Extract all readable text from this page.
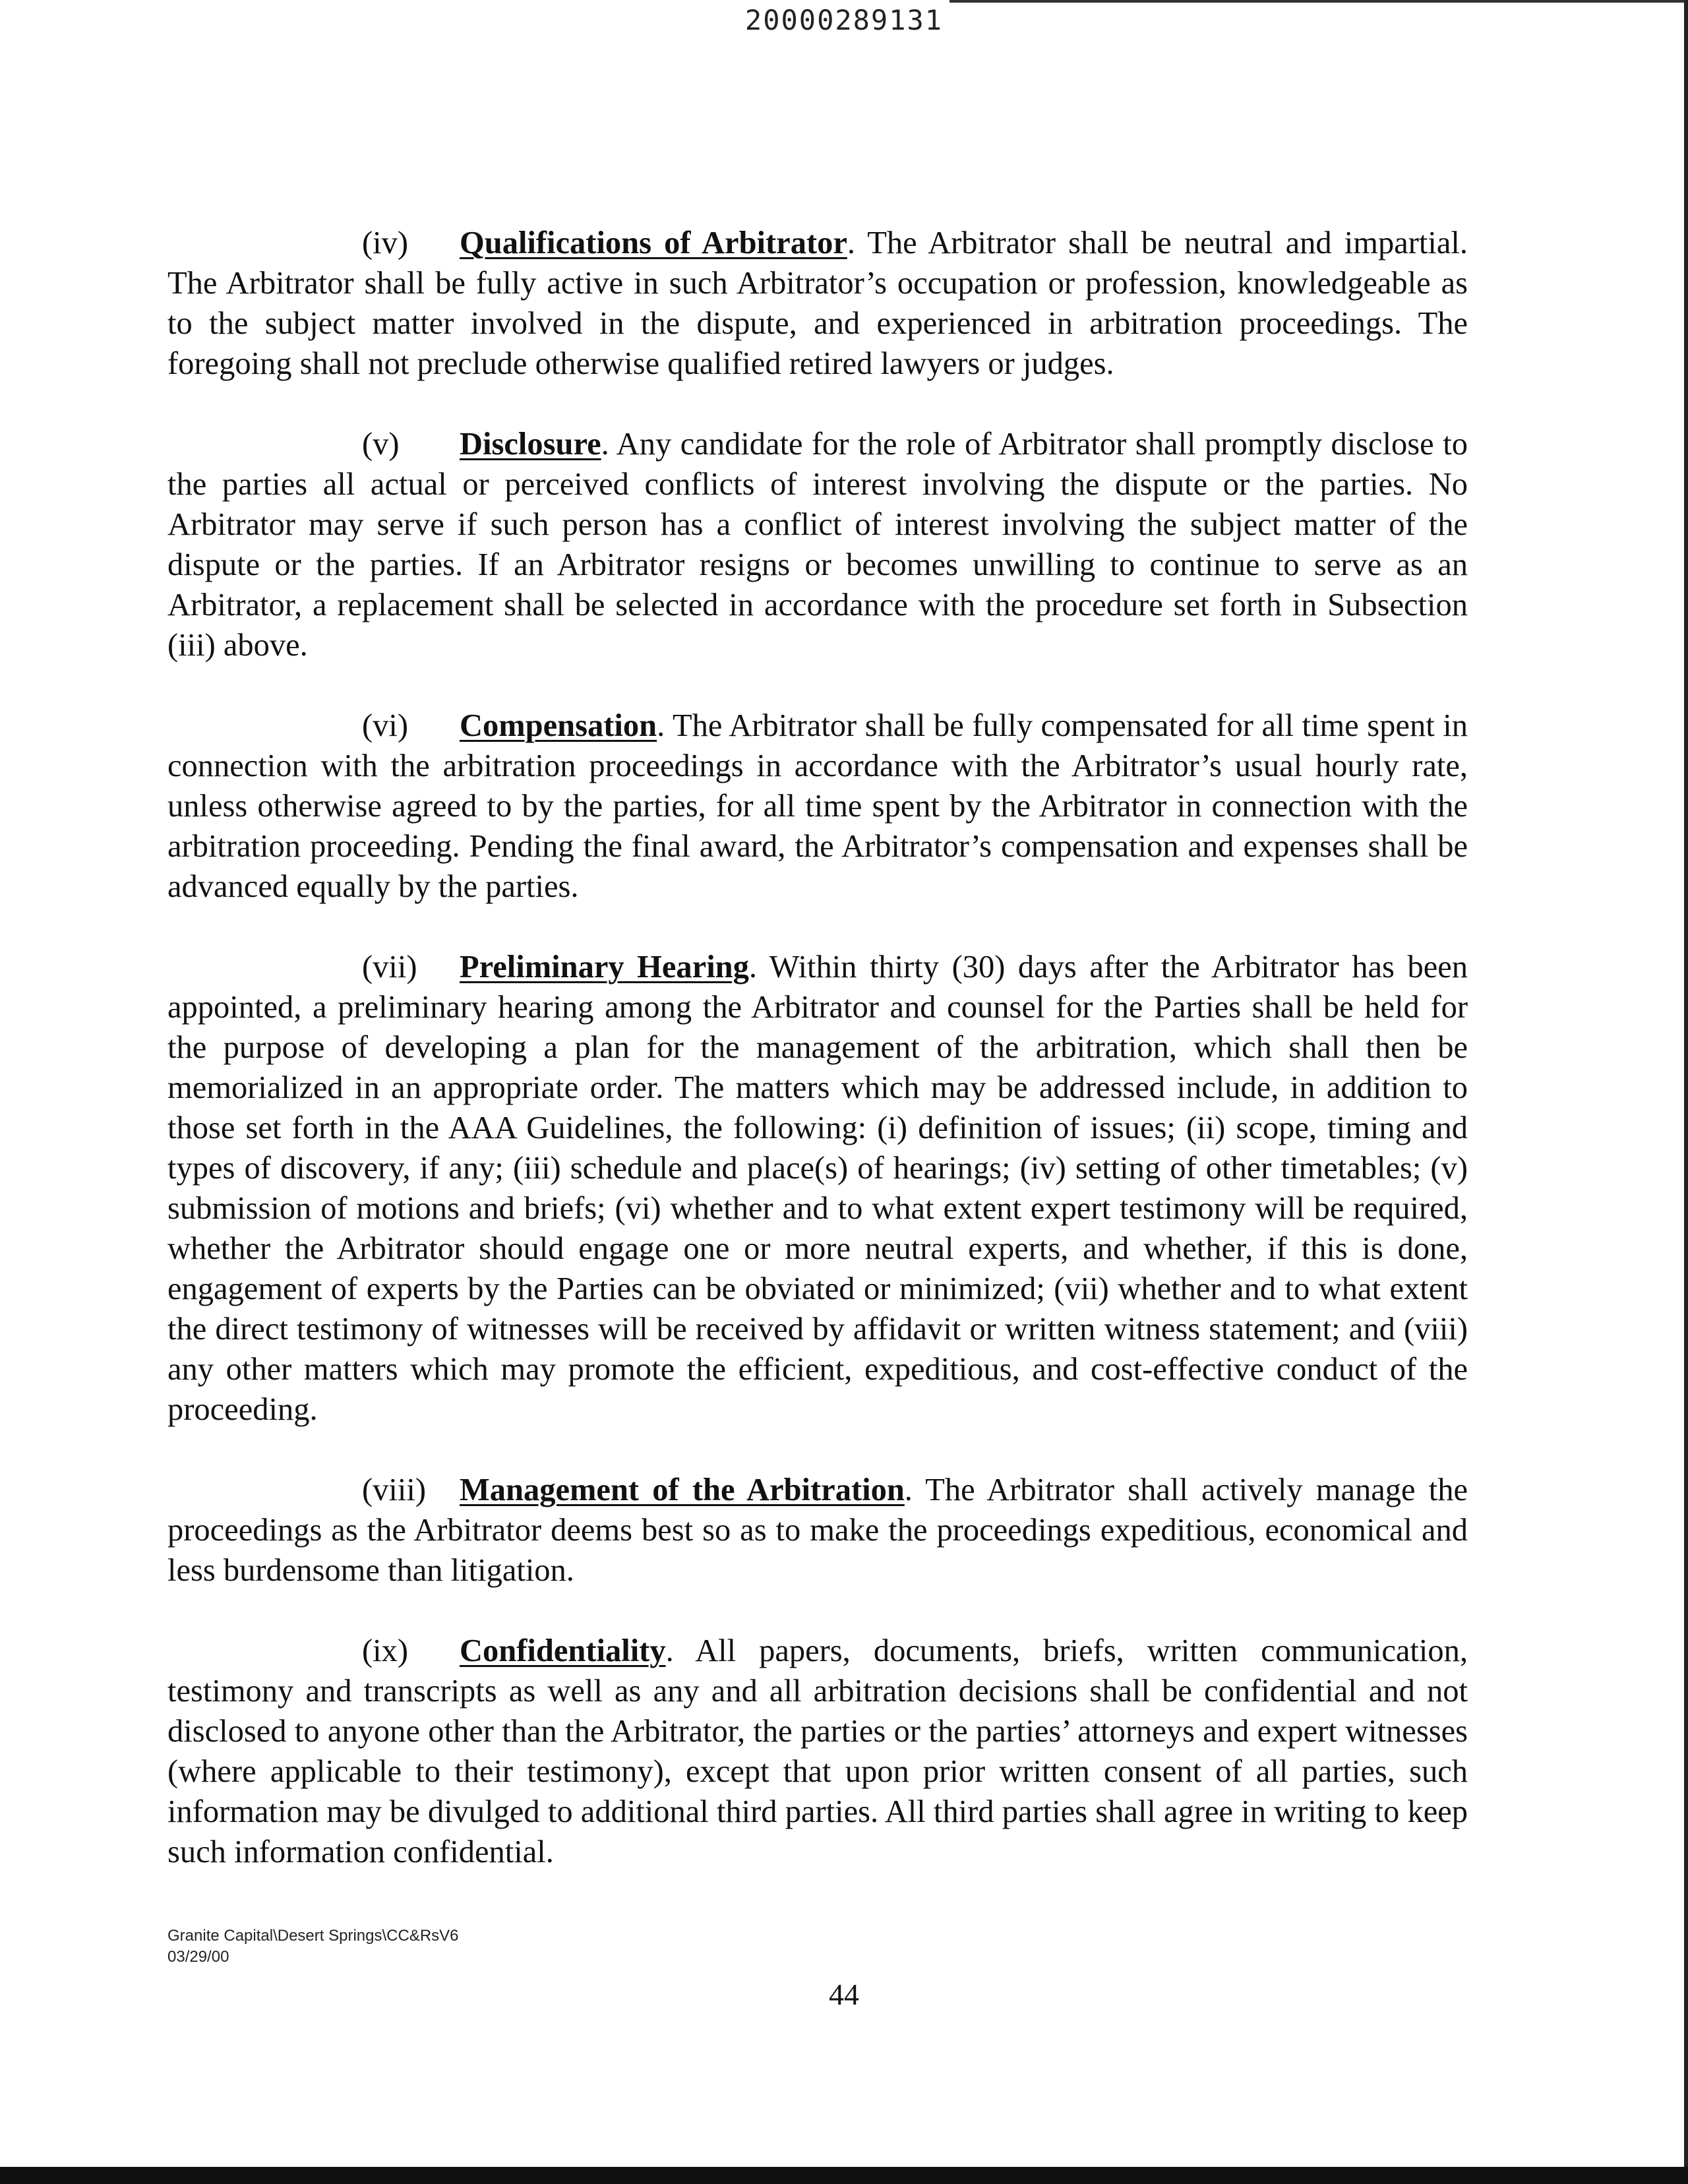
20000289131

(iv) Qualifications of Arbitrator. The Arbitrator shall be neutral and impartial. The Arbitrator shall be fully active in such Arbitrator’s occupation or profession, knowledgeable as to the subject matter involved in the dispute, and experienced in arbitration proceedings. The foregoing shall not preclude otherwise qualified retired lawyers or judges.

(v) Disclosure. Any candidate for the role of Arbitrator shall promptly disclose to the parties all actual or perceived conflicts of interest involving the dispute or the parties. No Arbitrator may serve if such person has a conflict of interest involving the subject matter of the dispute or the parties. If an Arbitrator resigns or becomes unwilling to continue to serve as an Arbitrator, a replacement shall be selected in accordance with the procedure set forth in Subsection (iii) above.

(vi) Compensation. The Arbitrator shall be fully compensated for all time spent in connection with the arbitration proceedings in accordance with the Arbitrator’s usual hourly rate, unless otherwise agreed to by the parties, for all time spent by the Arbitrator in connection with the arbitration proceeding. Pending the final award, the Arbitrator’s compensation and expenses shall be advanced equally by the parties.

(vii) Preliminary Hearing. Within thirty (30) days after the Arbitrator has been appointed, a preliminary hearing among the Arbitrator and counsel for the Parties shall be held for the purpose of developing a plan for the management of the arbitration, which shall then be memorialized in an appropriate order. The matters which may be addressed include, in addition to those set forth in the AAA Guidelines, the following: (i) definition of issues; (ii) scope, timing and types of discovery, if any; (iii) schedule and place(s) of hearings; (iv) setting of other timetables; (v) submission of motions and briefs; (vi) whether and to what extent expert testimony will be required, whether the Arbitrator should engage one or more neutral experts, and whether, if this is done, engagement of experts by the Parties can be obviated or minimized; (vii) whether and to what extent the direct testimony of witnesses will be received by affidavit or written witness statement; and (viii) any other matters which may promote the efficient, expeditious, and cost-effective conduct of the proceeding.

(viii) Management of the Arbitration. The Arbitrator shall actively manage the proceedings as the Arbitrator deems best so as to make the proceedings expeditious, economical and less burdensome than litigation.

(ix) Confidentiality. All papers, documents, briefs, written communication, testimony and transcripts as well as any and all arbitration decisions shall be confidential and not disclosed to anyone other than the Arbitrator, the parties or the parties’ attorneys and expert witnesses (where applicable to their testimony), except that upon prior written consent of all parties, such information may be divulged to additional third parties. All third parties shall agree in writing to keep such information confidential.

Granite Capital\Desert Springs\CC&RsV6
03/29/00
44
